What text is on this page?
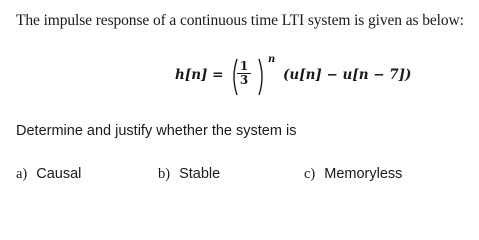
The impulse response of a continuous time LTI system is given as below:
$h[n] = \frac{1}{3}$
n
(u[n] − u[n − 7])
Determine and justify whether the system is
a) Causal	b) Stable	c) Memoryless
